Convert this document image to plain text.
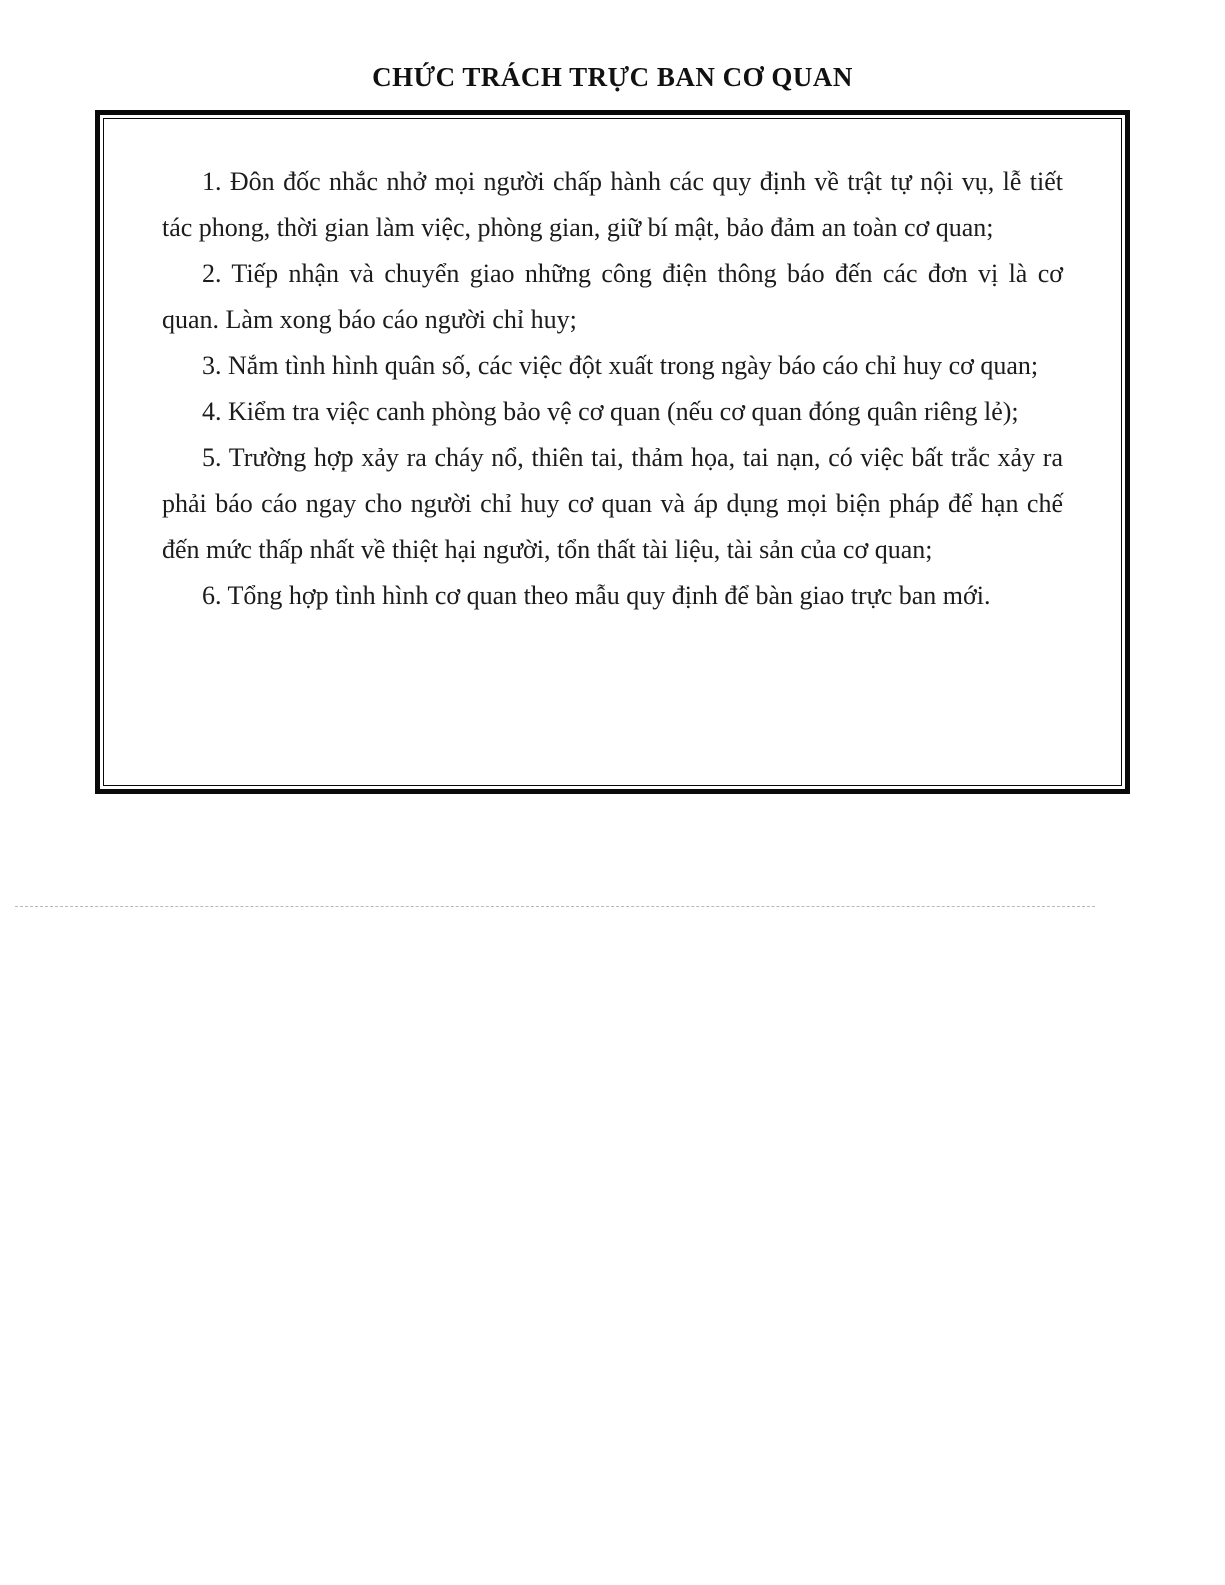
CHỨC TRÁCH TRỰC BAN CƠ QUAN

1. Đôn đốc nhắc nhở mọi người chấp hành các quy định về trật tự nội vụ, lễ tiết tác phong, thời gian làm việc, phòng gian, giữ bí mật, bảo đảm an toàn cơ quan;

2. Tiếp nhận và chuyển giao những công điện thông báo đến các đơn vị là cơ quan. Làm xong báo cáo người chỉ huy;

3. Nắm tình hình quân số, các việc đột xuất trong ngày báo cáo chỉ huy cơ quan;

4. Kiểm tra việc canh phòng bảo vệ cơ quan (nếu cơ quan đóng quân riêng lẻ);

5. Trường hợp xảy ra cháy nổ, thiên tai, thảm họa, tai nạn, có việc bất trắc xảy ra phải báo cáo ngay cho người chỉ huy cơ quan và áp dụng mọi biện pháp để hạn chế đến mức thấp nhất về thiệt hại người, tổn thất tài liệu, tài sản của cơ quan;

6. Tổng hợp tình hình cơ quan theo mẫu quy định để bàn giao trực ban mới.
